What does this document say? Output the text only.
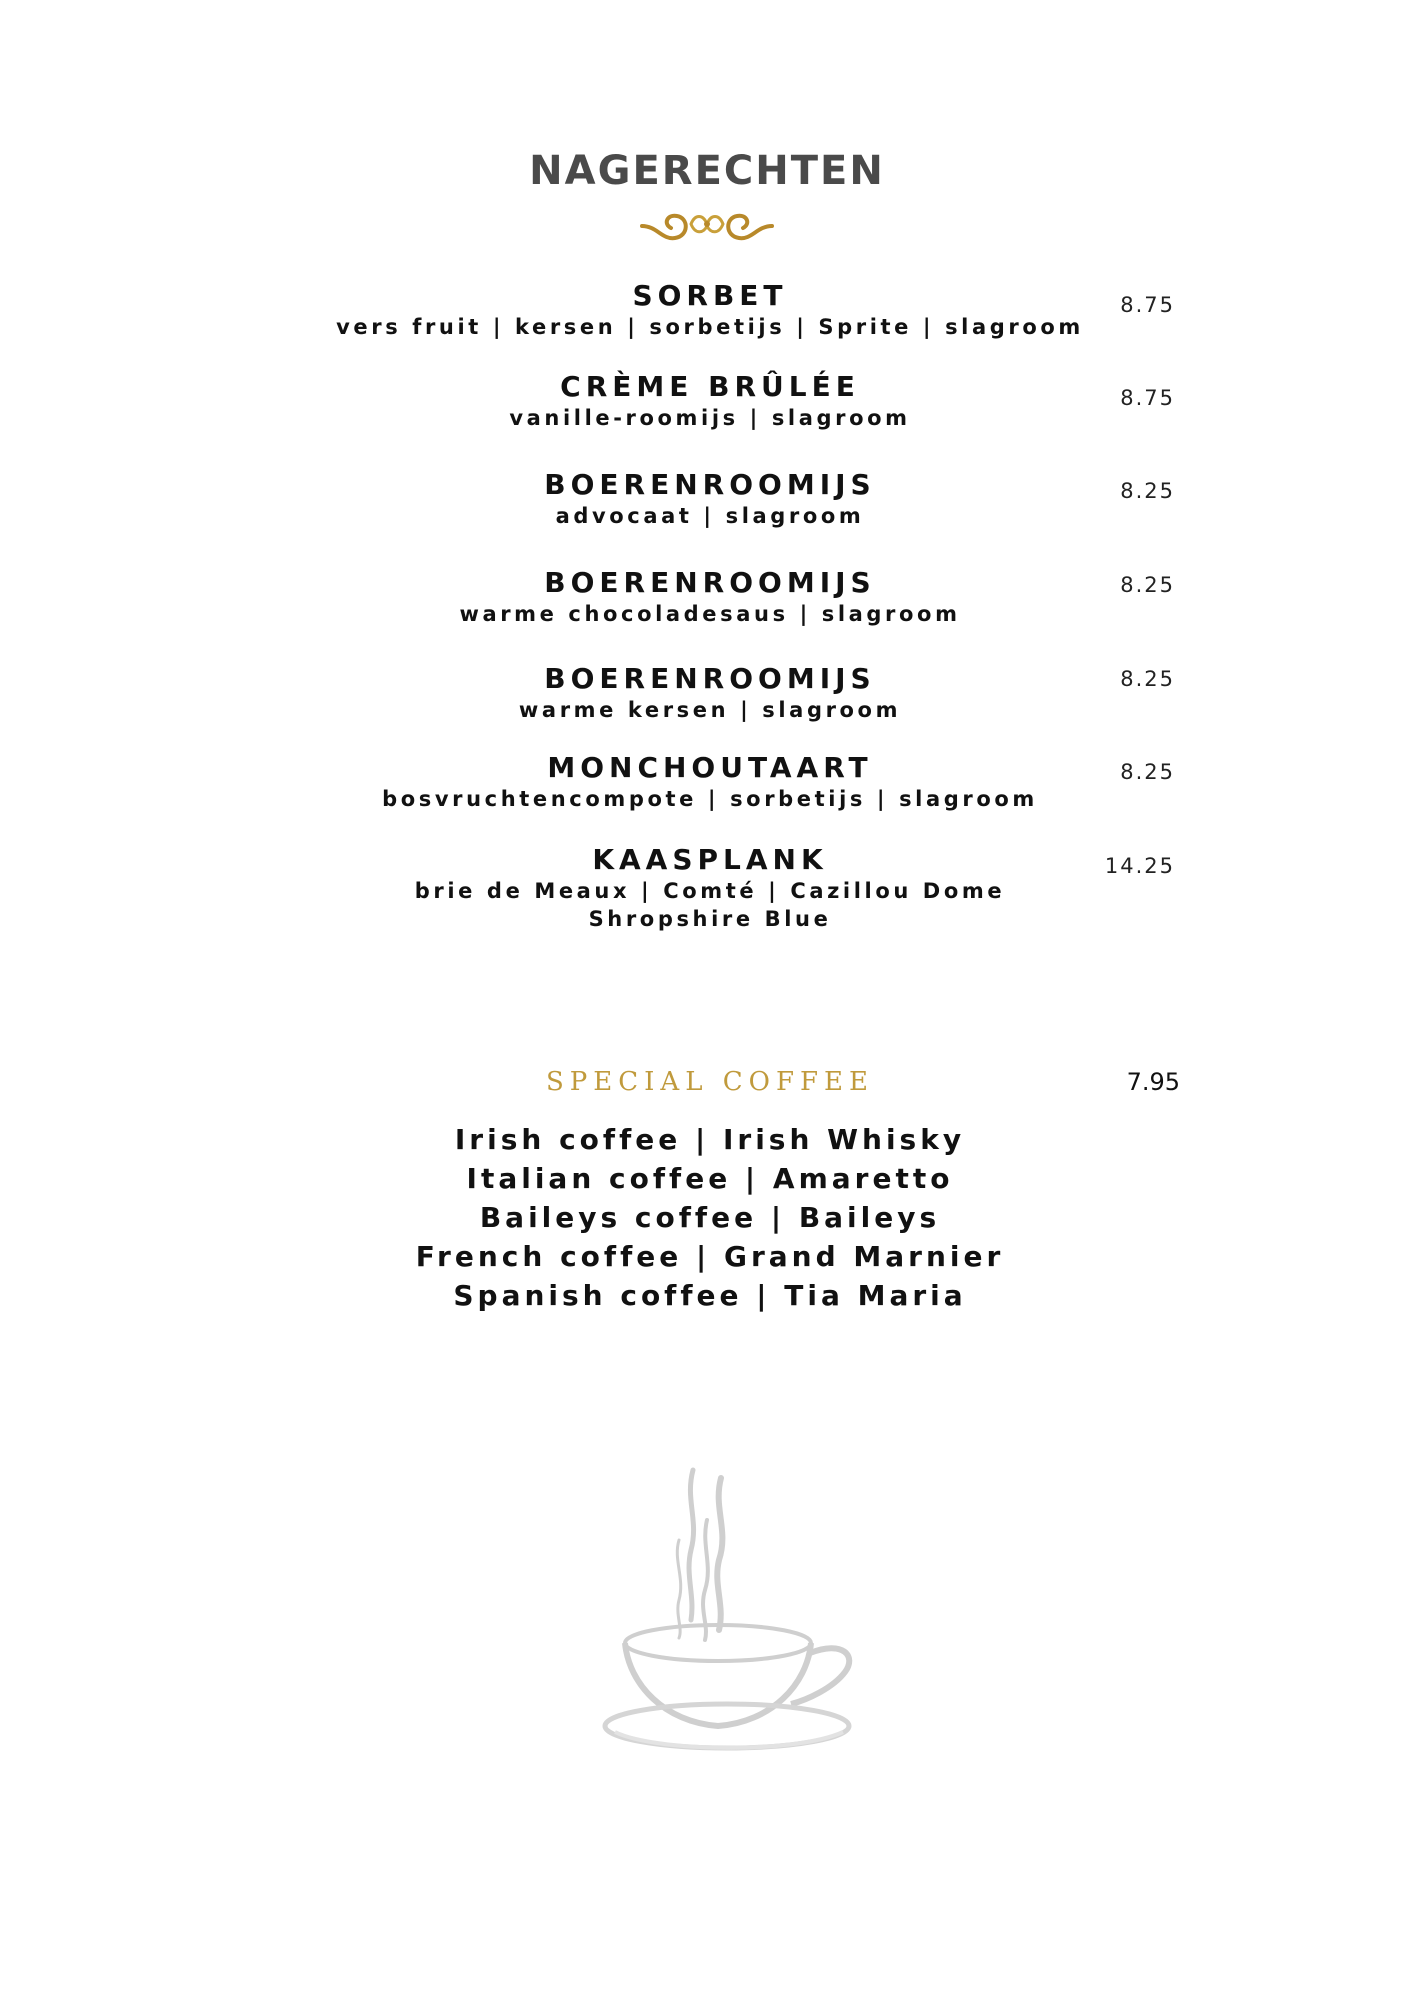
NAGERECHTEN
SORBET
vers fruit | kersen | sorbetijs | Sprite | slagroom
8.75
CRÈME BRÛLÉE
vanille-roomijs | slagroom
8.75
BOERENROOMIJS
advocaat | slagroom
8.25
BOERENROOMIJS
warme chocoladesaus | slagroom
8.25
BOERENROOMIJS
warme kersen | slagroom
8.25
MONCHOUTAART
bosvruchtencompote | sorbetijs | slagroom
8.25
KAASPLANK
brie de Meaux | Comté | Cazillou Dome
Shropshire Blue
14.25
SPECIAL COFFEE	7.95
Irish coffee | Irish Whisky
Italian coffee | Amaretto
Baileys coffee | Baileys
French coffee | Grand Marnier
Spanish coffee | Tia Maria
